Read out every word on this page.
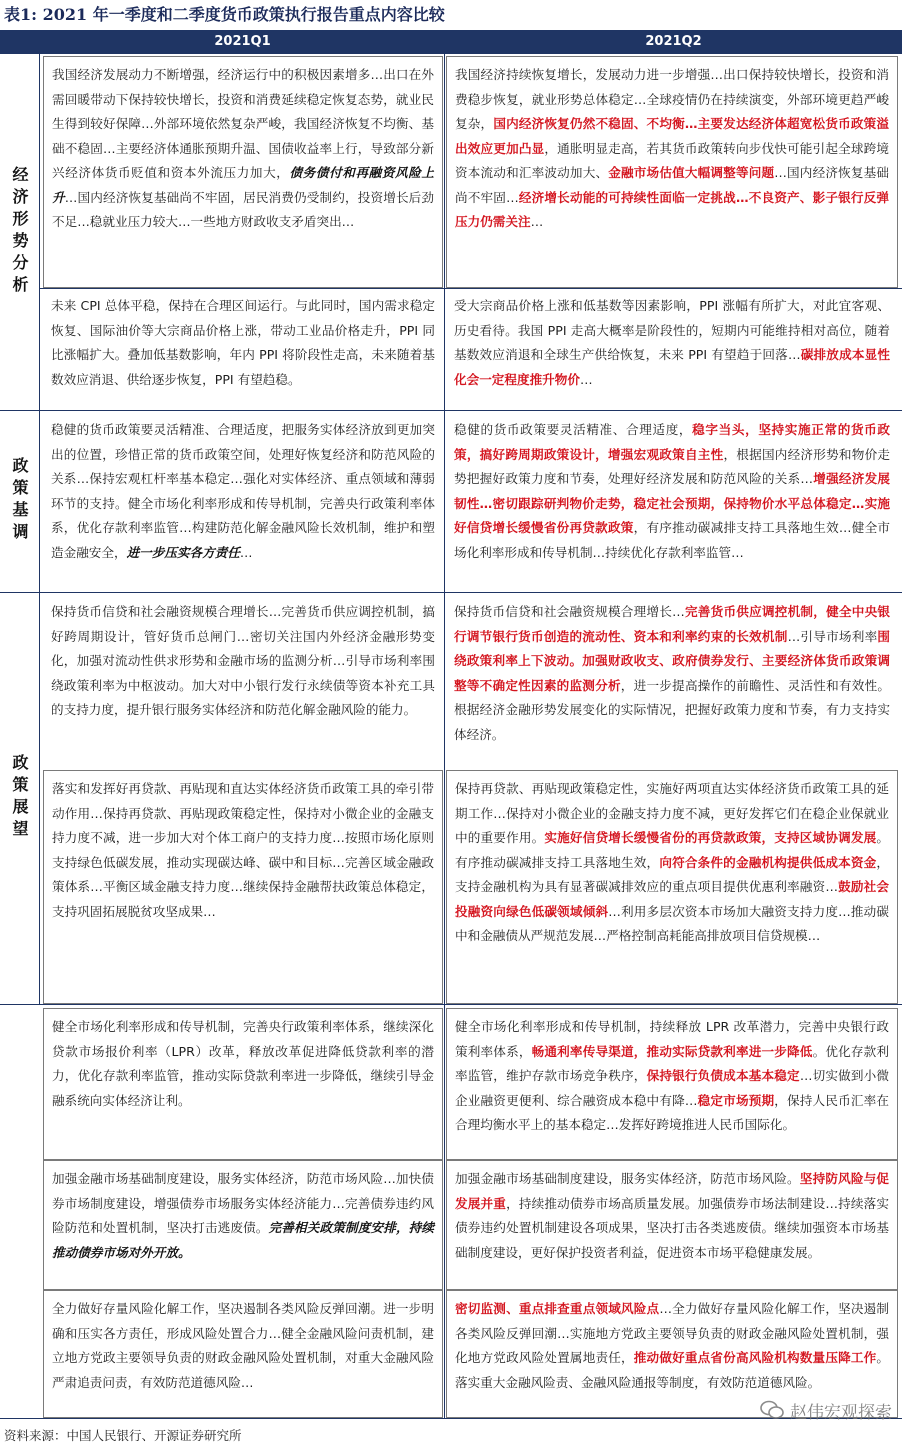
表1: 2021 年一季度和二季度货币政策执行报告重点内容比较
2021Q1	2021Q2
经济形势分析
政策基调
政策展望
我国经济发展动力不断增强，经济运行中的积极因素增多…出口在外需回暖带动下保持较快增长，投资和消费延续稳定恢复态势，就业民生得到较好保障…外部环境依然复杂严峻，我国经济恢复不均衡、基础不稳固…主要经济体通胀预期升温、国债收益率上行，导致部分新兴经济体货币贬值和资本外流压力加大，债务债付和再融资风险上升…国内经济恢复基础尚不牢固，居民消费仍受制约，投资增长后劲不足…稳就业压力较大…一些地方财政收支矛盾突出…
我国经济持续恢复增长，发展动力进一步增强…出口保持较快增长，投资和消费稳步恢复，就业形势总体稳定…全球疫情仍在持续演变，外部环境更趋严峻复杂，国内经济恢复仍然不稳固、不均衡…主要发达经济体超宽松货币政策溢出效应更加凸显，通胀明显走高，若其货币政策转向步伐快可能引起全球跨境资本流动和汇率波动加大、金融市场估值大幅调整等问题…国内经济恢复基础尚不牢固…经济增长动能的可持续性面临一定挑战…不良资产、影子银行反弹压力仍需关注…
未来 CPI 总体平稳，保持在合理区间运行。与此同时，国内需求稳定恢复、国际油价等大宗商品价格上涨，带动工业品价格走升，PPI 同比涨幅扩大。叠加低基数影响，年内 PPI 将阶段性走高，未来随着基数效应消退、供给逐步恢复，PPI 有望趋稳。
受大宗商品价格上涨和低基数等因素影响，PPI 涨幅有所扩大，对此宜客观、历史看待。我国 PPI 走高大概率是阶段性的，短期内可能维持相对高位，随着基数效应消退和全球生产供给恢复，未来 PPI 有望趋于回落…碳排放成本显性化会一定程度推升物价…
稳健的货币政策要灵活精准、合理适度，把服务实体经济放到更加突出的位置，珍惜正常的货币政策空间，处理好恢复经济和防范风险的关系…保持宏观杠杆率基本稳定…强化对实体经济、重点领域和薄弱环节的支持。健全市场化利率形成和传导机制，完善央行政策利率体系，优化存款利率监管…构建防范化解金融风险长效机制，维护和塑造金融安全，进一步压实各方责任…
稳健的货币政策要灵活精准、合理适度，稳字当头，坚持实施正常的货币政策，搞好跨周期政策设计，增强宏观政策自主性，根据国内经济形势和物价走势把握好政策力度和节奏，处理好经济发展和防范风险的关系…增强经济发展韧性…密切跟踪研判物价走势，稳定社会预期，保持物价水平总体稳定…实施好信贷增长缓慢省份再贷款政策，有序推动碳减排支持工具落地生效…健全市场化利率形成和传导机制…持续优化存款利率监管…
保持货币信贷和社会融资规模合理增长…完善货币供应调控机制，搞好跨周期设计，管好货币总闸门…密切关注国内外经济金融形势变化，加强对流动性供求形势和金融市场的监测分析…引导市场利率围绕政策利率为中枢波动。加大对中小银行发行永续债等资本补充工具的支持力度，提升银行服务实体经济和防范化解金融风险的能力。
保持货币信贷和社会融资规模合理增长…完善货币供应调控机制，健全中央银行调节银行货币创造的流动性、资本和利率约束的长效机制…引导市场利率围绕政策利率上下波动。加强财政收支、政府债券发行、主要经济体货币政策调整等不确定性因素的监测分析，进一步提高操作的前瞻性、灵活性和有效性。根据经济金融形势发展变化的实际情况，把握好政策力度和节奏，有力支持实体经济。
落实和发挥好再贷款、再贴现和直达实体经济货币政策工具的牵引带动作用…保持再贷款、再贴现政策稳定性，保持对小微企业的金融支持力度不减，进一步加大对个体工商户的支持力度…按照市场化原则支持绿色低碳发展，推动实现碳达峰、碳中和目标…完善区域金融政策体系…平衡区域金融支持力度…继续保持金融帮扶政策总体稳定，支持巩固拓展脱贫攻坚成果…
保持再贷款、再贴现政策稳定性，实施好两项直达实体经济货币政策工具的延期工作…保持对小微企业的金融支持力度不减，更好发挥它们在稳企业保就业中的重要作用。实施好信贷增长缓慢省份的再贷款政策，支持区域协调发展。有序推动碳减排支持工具落地生效，向符合条件的金融机构提供低成本资金，支持金融机构为具有显著碳减排效应的重点项目提供优惠利率融资…鼓励社会投融资向绿色低碳领域倾斜…利用多层次资本市场加大融资支持力度…推动碳中和金融债从严规范发展…严格控制高耗能高排放项目信贷规模…
健全市场化利率形成和传导机制，完善央行政策利率体系，继续深化贷款市场报价利率（LPR）改革，释放改革促进降低贷款利率的潜力，优化存款利率监管，推动实际贷款利率进一步降低，继续引导金融系统向实体经济让利。
健全市场化利率形成和传导机制，持续释放 LPR 改革潜力，完善中央银行政策利率体系，畅通利率传导渠道，推动实际贷款利率进一步降低。优化存款利率监管，维护存款市场竞争秩序，保持银行负债成本基本稳定…切实做到小微企业融资更便利、综合融资成本稳中有降…稳定市场预期，保持人民币汇率在合理均衡水平上的基本稳定…发挥好跨境推进人民币国际化。
加强金融市场基础制度建设，服务实体经济，防范市场风险…加快债券市场制度建设，增强债券市场服务实体经济能力…完善债券违约风险防范和处置机制，坚决打击逃废债。完善相关政策制度安排，持续推动债券市场对外开放。
加强金融市场基础制度建设，服务实体经济，防范市场风险。坚持防风险与促发展并重，持续推动债券市场高质量发展。加强债券市场法制建设…持续落实债券违约处置机制建设各项成果，坚决打击各类逃废债。继续加强资本市场基础制度建设，更好保护投资者利益，促进资本市场平稳健康发展。
全力做好存量风险化解工作，坚决遏制各类风险反弹回潮。进一步明确和压实各方责任，形成风险处置合力…健全金融风险问责机制，建立地方党政主要领导负责的财政金融风险处置机制，对重大金融风险严肃追责问责，有效防范道德风险…
密切监测、重点排查重点领域风险点…全力做好存量风险化解工作，坚决遏制各类风险反弹回潮…实施地方党政主要领导负责的财政金融风险处置机制，强化地方党政风险处置属地责任，推动做好重点省份高风险机构数量压降工作。落实重大金融风险责、金融风险通报等制度，有效防范道德风险。
赵伟宏观探索
资料来源：中国人民银行、开源证券研究所
